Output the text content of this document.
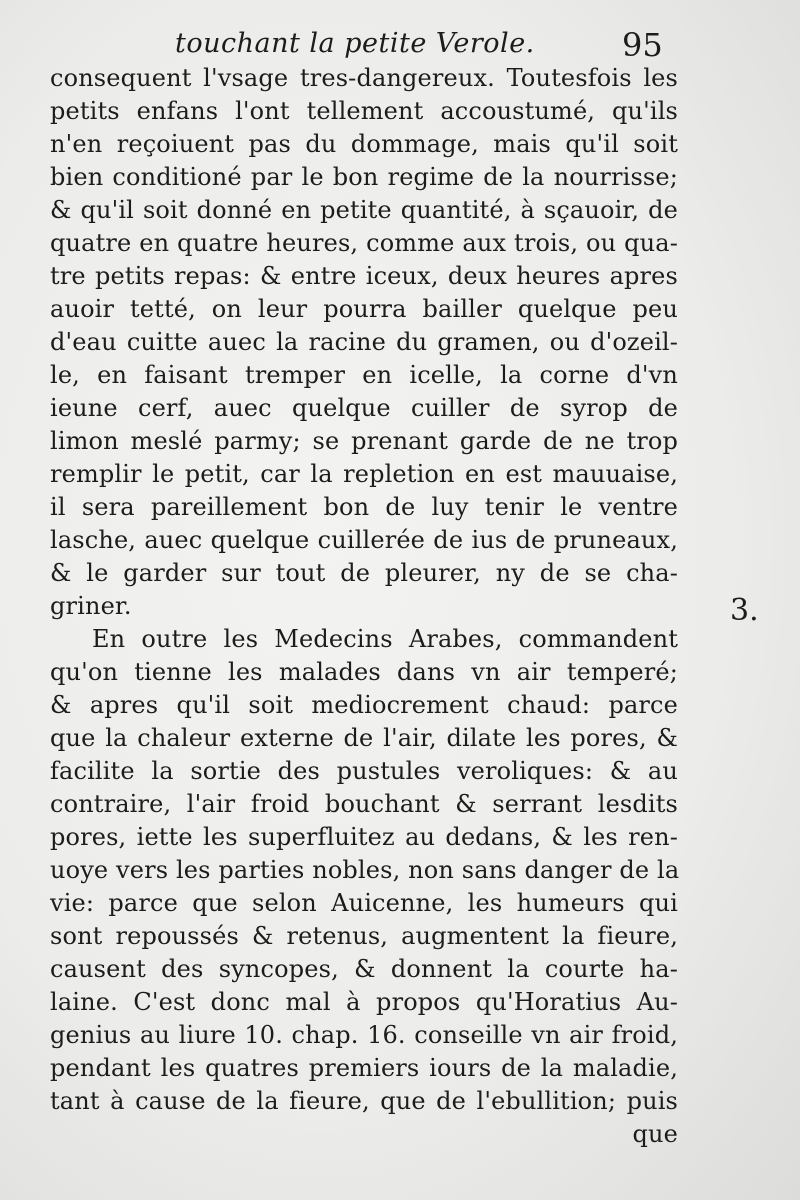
touchant la petite Verole.	95
consequent l'vsage tres-dangereux. Toutesfois les
petits enfans l'ont tellement accoustumé, qu'ils
n'en reçoiuent pas du dommage, mais qu'il soit
bien conditioné par le bon regime de la nourrisse;
& qu'il soit donné en petite quantité, à sçauoir, de
quatre en quatre heures, comme aux trois, ou qua-
tre petits repas: & entre iceux, deux heures apres
auoir tetté, on leur pourra bailler quelque peu
d'eau cuitte auec la racine du gramen, ou d'ozeil-
le, en faisant tremper en icelle, la corne d'vn
ieune cerf, auec quelque cuiller de syrop de
limon meslé parmy; se prenant garde de ne trop
remplir le petit, car la repletion en est mauuaise,
il sera pareillement bon de luy tenir le ventre
lasche, auec quelque cuillerée de ius de pruneaux,
& le garder sur tout de pleurer, ny de se cha-
griner.
En outre les Medecins Arabes, commandent
qu'on tienne les malades dans vn air temperé;
& apres qu'il soit mediocrement chaud: parce
que la chaleur externe de l'air, dilate les pores, &
facilite la sortie des pustules veroliques: & au
contraire, l'air froid bouchant & serrant lesdits
pores, iette les superfluitez au dedans, & les ren-
uoye vers les parties nobles, non sans danger de la
vie: parce que selon Auicenne, les humeurs qui
sont repoussés & retenus, augmentent la fieure,
causent des syncopes, & donnent la courte ha-
laine. C'est donc mal à propos qu'Horatius Au-
genius au liure 10. chap. 16. conseille vn air froid,
pendant les quatres premiers iours de la maladie,
tant à cause de la fieure, que de l'ebullition; puis
que
3.
